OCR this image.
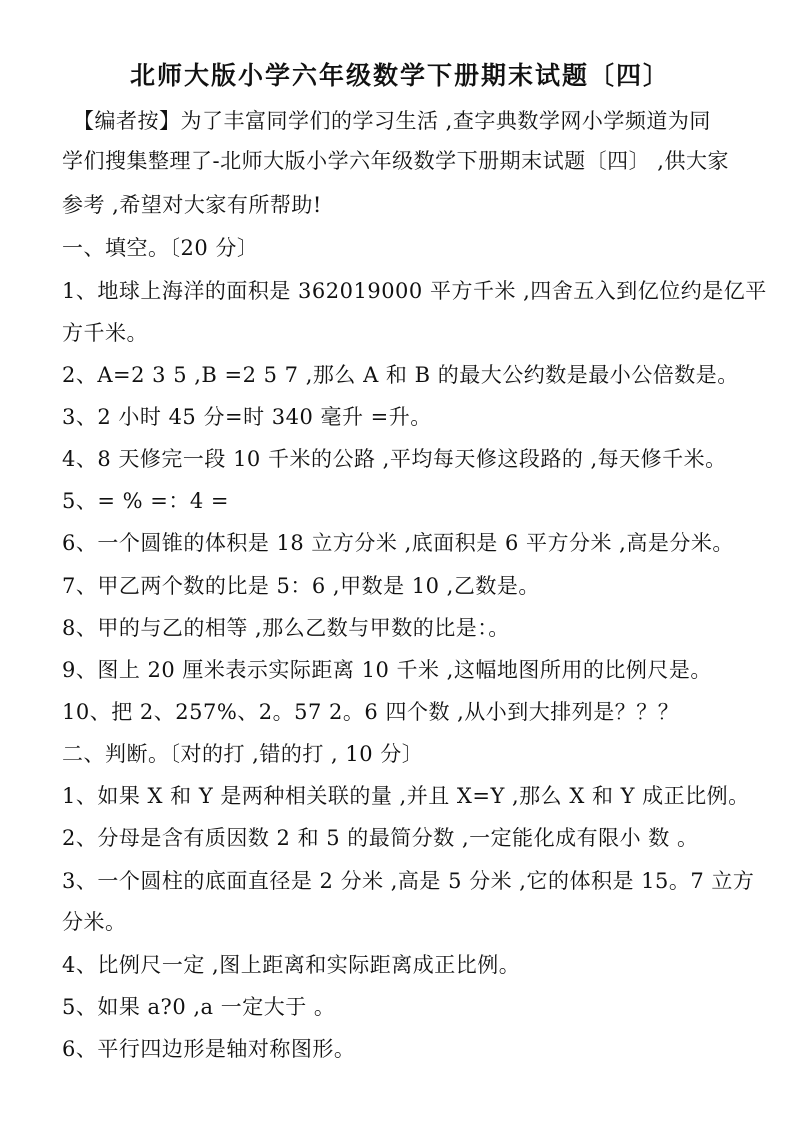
北师大版小学六年级数学下册期末试题〔四〕
　【编者按】为了丰富同学们的学习生活 ,查字典数学网小学频道为同
学们搜集整理了-北师大版小学六年级数学下册期末试题〔四〕 ,供大家
参考 ,希望对大家有所帮助!
一、填空。〔20 分〕
1、地球上海洋的面积是 362019000 平方千米 ,四舍五入到亿位约是亿平
方千米。
2、A=2 3 5 ,B =2 5 7 ,那么 A 和 B 的最大公约数是最小公倍数是。
3、2 小时 45 分=时 340 毫升 =升。
4、8 天修完一段 10 千米的公路 ,平均每天修这段路的 ,每天修千米。
5、= % =：4 =
6、一个圆锥的体积是 18 立方分米 ,底面积是 6 平方分米 ,高是分米。
7、甲乙两个数的比是 5：6 ,甲数是 10 ,乙数是。
8、甲的与乙的相等 ,那么乙数与甲数的比是：。
9、图上 20 厘米表示实际距离 10 千米 ,这幅地图所用的比例尺是。
10、把 2、257%、2。57 2。6 四个数 ,从小到大排列是？？？
二、判断。〔对的打 ,错的打 , 10 分〕
1、如果 X 和 Y 是两种相关联的量 ,并且 X=Y ,那么 X 和 Y 成正比例。
2、分母是含有质因数 2 和 5 的最简分数 ,一定能化成有限小 数 。
3、一个圆柱的底面直径是 2 分米 ,高是 5 分米 ,它的体积是 15。7 立方
分米。
4、比例尺一定 ,图上距离和实际距离成正比例。
5、如果 a?0 ,a 一定大于 。
6、平行四边形是轴对称图形。
